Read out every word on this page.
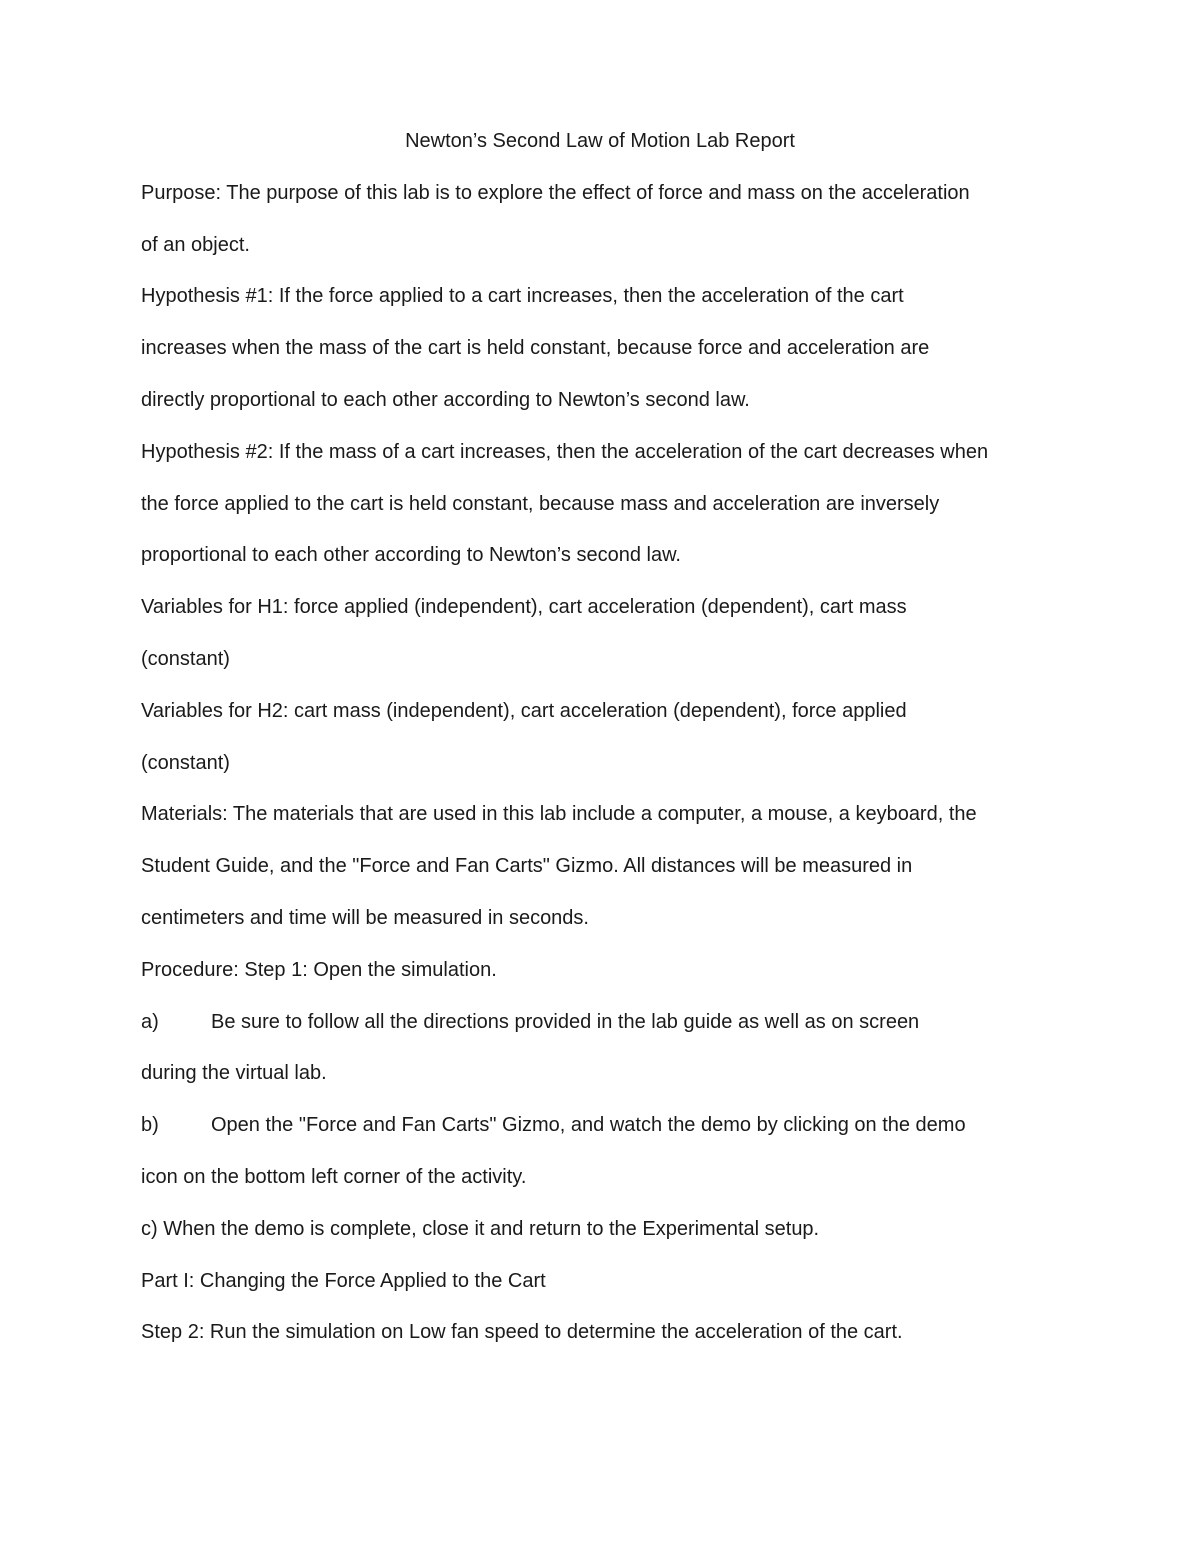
Newton’s Second Law of Motion Lab Report
Purpose: The purpose of this lab is to explore the effect of force and mass on the acceleration
of an object.
Hypothesis #1: If the force applied to a cart increases, then the acceleration of the cart
increases when the mass of the cart is held constant, because force and acceleration are
directly proportional to each other according to Newton’s second law.
Hypothesis #2: If the mass of a cart increases, then the acceleration of the cart decreases when
the force applied to the cart is held constant, because mass and acceleration are inversely
proportional to each other according to Newton’s second law.
Variables for H1: force applied (independent), cart acceleration (dependent), cart mass
(constant)
Variables for H2: cart mass (independent), cart acceleration (dependent), force applied
(constant)
Materials: The materials that are used in this lab include a computer, a mouse, a keyboard, the
Student Guide, and the "Force and Fan Carts" Gizmo. All distances will be measured in
centimeters and time will be measured in seconds.
Procedure: Step 1: Open the simulation.
a)	Be sure to follow all the directions provided in the lab guide as well as on screen
during the virtual lab.
b)	Open the "Force and Fan Carts" Gizmo, and watch the demo by clicking on the demo
icon on the bottom left corner of the activity.
c) When the demo is complete, close it and return to the Experimental setup.
Part I: Changing the Force Applied to the Cart
Step 2: Run the simulation on Low fan speed to determine the acceleration of the cart.
